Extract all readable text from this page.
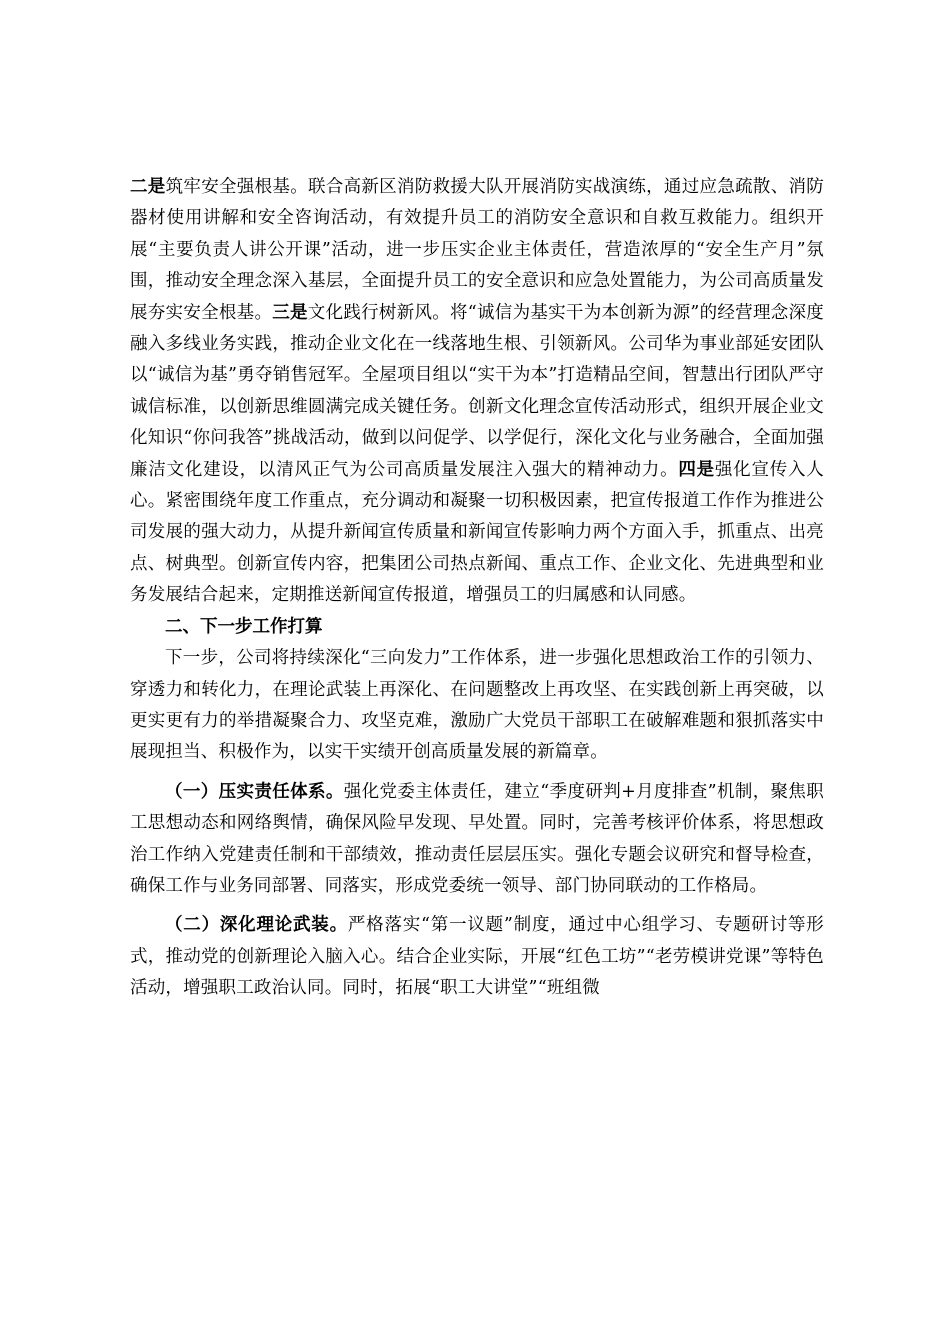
二是筑牢安全强根基。联合高新区消防救援大队开展消防实战演练，通过应急疏散、消防器材使用讲解和安全咨询活动，有效提升员工的消防安全意识和自救互救能力。组织开展“主要负责人讲公开课”活动，进一步压实企业主体责任，营造浓厚的“安全生产月”氛围，推动安全理念深入基层，全面提升员工的安全意识和应急处置能力，为公司高质量发展夯实安全根基。三是文化践行树新风。将“诚信为基实干为本创新为源”的经营理念深度融入多线业务实践，推动企业文化在一线落地生根、引领新风。公司华为事业部延安团队以“诚信为基”勇夺销售冠军。全屋项目组以“实干为本”打造精品空间，智慧出行团队严守诚信标准，以创新思维圆满完成关键任务。创新文化理念宣传活动形式，组织开展企业文化知识“你问我答”挑战活动，做到以问促学、以学促行，深化文化与业务融合，全面加强廉洁文化建设，以清风正气为公司高质量发展注入强大的精神动力。四是强化宣传入人心。紧密围绕年度工作重点，充分调动和凝聚一切积极因素，把宣传报道工作作为推进公司发展的强大动力，从提升新闻宣传质量和新闻宣传影响力两个方面入手，抓重点、出亮点、树典型。创新宣传内容，把集团公司热点新闻、重点工作、企业文化、先进典型和业务发展结合起来，定期推送新闻宣传报道，增强员工的归属感和认同感。

二、下一步工作打算

下一步，公司将持续深化“三向发力”工作体系，进一步强化思想政治工作的引领力、穿透力和转化力，在理论武装上再深化、在问题整改上再攻坚、在实践创新上再突破，以更实更有力的举措凝聚合力、攻坚克难，激励广大党员干部职工在破解难题和狠抓落实中展现担当、积极作为，以实干实绩开创高质量发展的新篇章。

（一）压实责任体系。强化党委主体责任，建立“季度研判+月度排查”机制，聚焦职工思想动态和网络舆情，确保风险早发现、早处置。同时，完善考核评价体系，将思想政治工作纳入党建责任制和干部绩效，推动责任层层压实。强化专题会议研究和督导检查，确保工作与业务同部署、同落实，形成党委统一领导、部门协同联动的工作格局。

（二）深化理论武装。严格落实“第一议题”制度，通过中心组学习、专题研讨等形式，推动党的创新理论入脑入心。结合企业实际，开展“红色工坊”“老劳模讲党课”等特色活动，增强职工政治认同。同时，拓展“职工大讲堂”“班组微
